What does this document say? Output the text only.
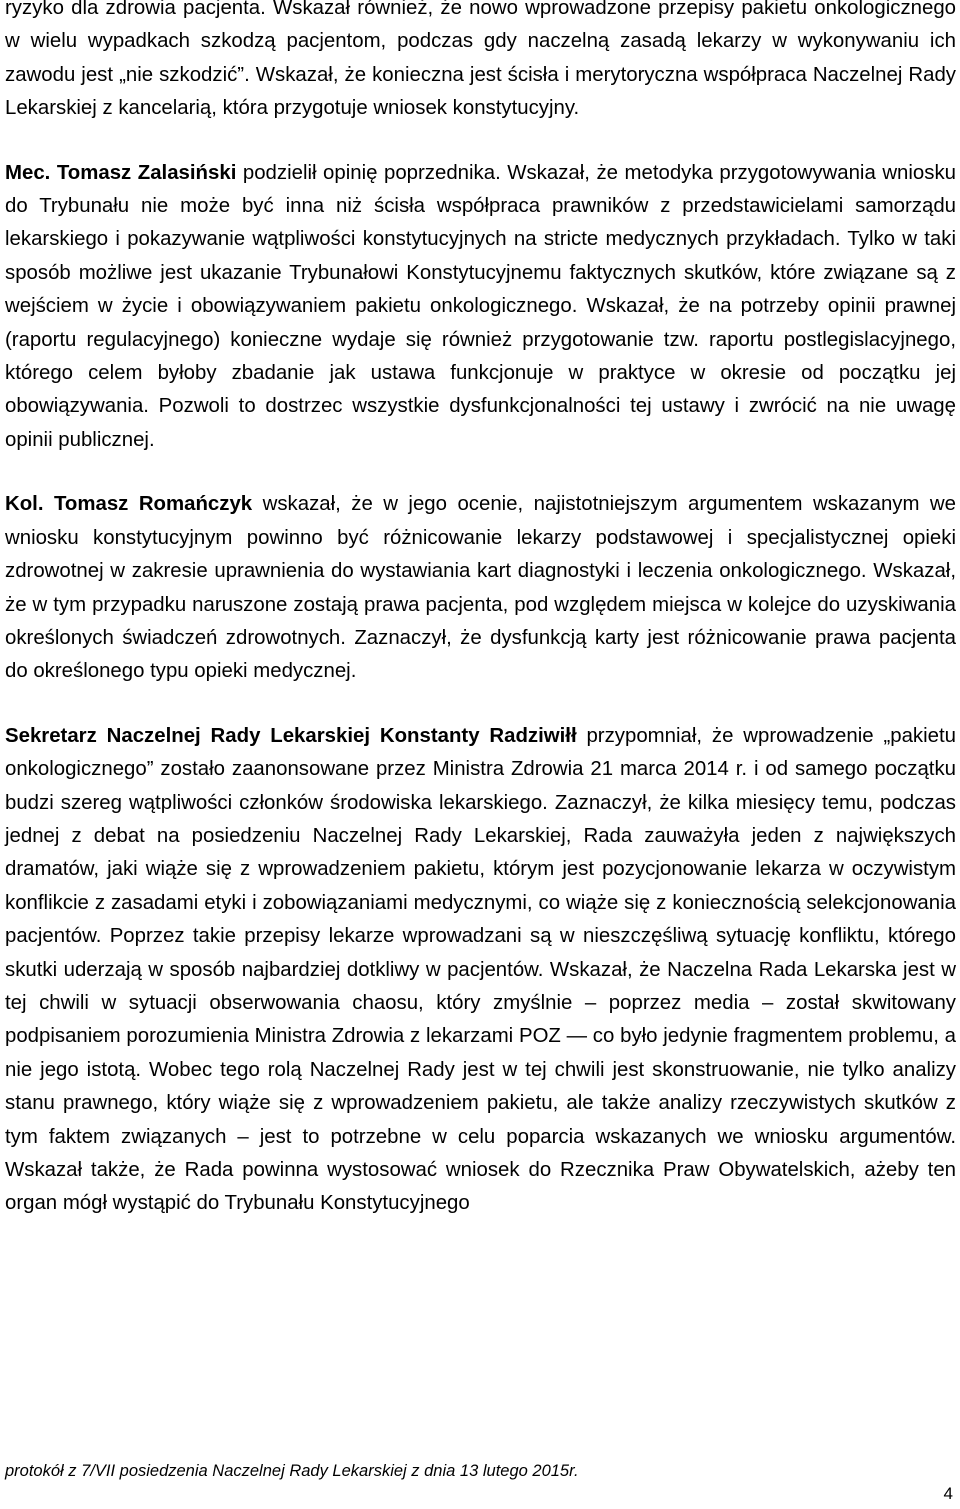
ryzyko dla zdrowia pacjenta. Wskazał również, że nowo wprowadzone przepisy pakietu onkologicznego w wielu wypadkach szkodzą pacjentom, podczas gdy naczelną zasadą lekarzy w wykonywaniu ich zawodu jest „nie szkodzić”. Wskazał, że konieczna jest ścisła i merytoryczna współpraca Naczelnej Rady Lekarskiej z kancelarią, która przygotuje wniosek konstytucyjny.

Mec. Tomasz Zalasiński podzielił opinię poprzednika. Wskazał, że metodyka przygotowywania wniosku do Trybunału nie może być inna niż ścisła współpraca prawników z przedstawicielami samorządu lekarskiego i pokazywanie wątpliwości konstytucyjnych na stricte medycznych przykładach. Tylko w taki sposób możliwe jest ukazanie Trybunałowi Konstytucyjnemu faktycznych skutków, które związane są z wejściem w życie i obowiązywaniem pakietu onkologicznego. Wskazał, że na potrzeby opinii prawnej (raportu regulacyjnego) konieczne wydaje się również przygotowanie tzw. raportu postlegislacyjnego, którego celem byłoby zbadanie jak ustawa funkcjonuje w praktyce w okresie od początku jej obowiązywania. Pozwoli to dostrzec wszystkie dysfunkcjonalności tej ustawy i zwrócić na nie uwagę opinii publicznej.

Kol. Tomasz Romańczyk wskazał, że w jego ocenie, najistotniejszym argumentem wskazanym we wniosku konstytucyjnym powinno być różnicowanie lekarzy podstawowej i specjalistycznej opieki zdrowotnej w zakresie uprawnienia do wystawiania kart diagnostyki i leczenia onkologicznego. Wskazał, że w tym przypadku naruszone zostają prawa pacjenta, pod względem miejsca w kolejce do uzyskiwania określonych świadczeń zdrowotnych. Zaznaczył, że dysfunkcją karty jest różnicowanie prawa pacjenta do określonego typu opieki medycznej.

Sekretarz Naczelnej Rady Lekarskiej Konstanty Radziwiłł przypomniał, że wprowadzenie „pakietu onkologicznego” zostało zaanonsowane przez Ministra Zdrowia 21 marca 2014 r. i od samego początku budzi szereg wątpliwości członków środowiska lekarskiego. Zaznaczył, że kilka miesięcy temu, podczas jednej z debat na posiedzeniu Naczelnej Rady Lekarskiej, Rada zauważyła jeden z największych dramatów, jaki wiąże się z wprowadzeniem pakietu, którym jest pozycjonowanie lekarza w oczywistym konflikcie z zasadami etyki i zobowiązaniami medycznymi, co wiąże się z koniecznością selekcjonowania pacjentów. Poprzez takie przepisy lekarze wprowadzani są w nieszczęśliwą sytuację konfliktu, którego skutki uderzają w sposób najbardziej dotkliwy w pacjentów. Wskazał, że Naczelna Rada Lekarska jest w tej chwili w sytuacji obserwowania chaosu, który zmyślnie – poprzez media – został skwitowany podpisaniem porozumienia Ministra Zdrowia z lekarzami POZ — co było jedynie fragmentem problemu, a nie jego istotą. Wobec tego rolą Naczelnej Rady jest w tej chwili jest skonstruowanie, nie tylko analizy stanu prawnego, który wiąże się z wprowadzeniem pakietu, ale także analizy rzeczywistych skutków z tym faktem związanych – jest to potrzebne w celu poparcia wskazanych we wniosku argumentów. Wskazał także, że Rada powinna wystosować wniosek do Rzecznika Praw Obywatelskich, ażeby ten organ mógł wystąpić do Trybunału Konstytucyjnego

protokół z 7/VII posiedzenia Naczelnej Rady Lekarskiej z dnia 13 lutego 2015r.
4
